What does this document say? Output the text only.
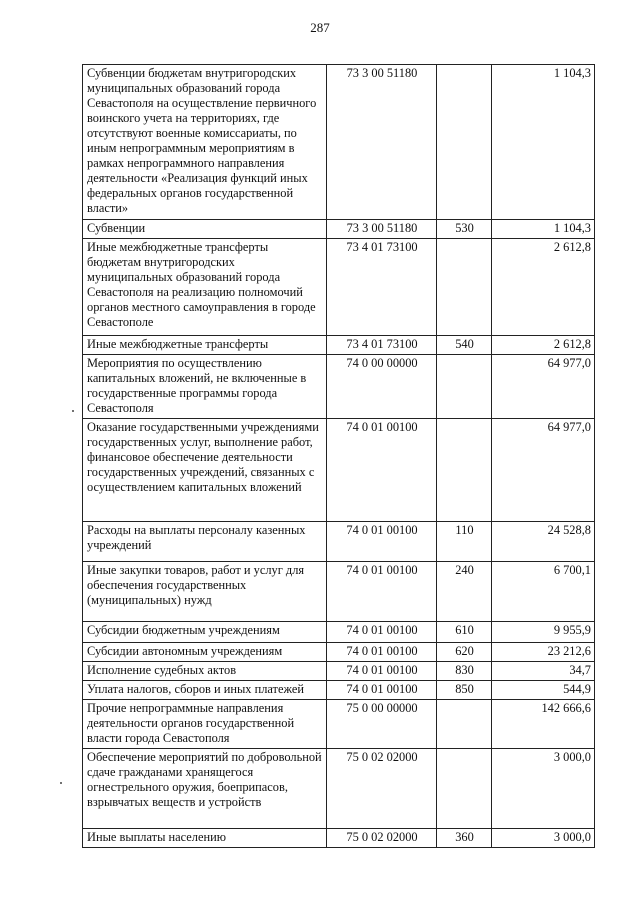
287
Субвенции бюджетам внутригородских муниципальных образований города Севастополя на осуществление первичного воинского учета на территориях, где отсутствуют военные комиссариаты, по иным непрограммным мероприятиям в рамках непрограммного направления деятельности «Реализация функций иных федеральных органов государственной власти»	73 3 00 51180		1 104,3
Субвенции	73 3 00 51180	530	1 104,3
Иные межбюджетные трансферты бюджетам внутригородских муниципальных образований города Севастополя на реализацию полномочий органов местного самоуправления в городе Севастополе	73 4 01 73100		2 612,8
Иные межбюджетные трансферты	73 4 01 73100	540	2 612,8
Мероприятия по осуществлению капитальных вложений, не включенные в государственные программы города Севастополя	74 0 00 00000		64 977,0
Оказание государственными учреждениями государственных услуг, выполнение работ, финансовое обеспечение деятельности государственных учреждений, связанных с осуществлением капитальных вложений	74 0 01 00100		64 977,0
Расходы на выплаты персоналу казенных учреждений	74 0 01 00100	110	24 528,8
Иные закупки товаров, работ и услуг для обеспечения государственных (муниципальных) нужд	74 0 01 00100	240	6 700,1
Субсидии бюджетным учреждениям	74 0 01 00100	610	9 955,9
Субсидии автономным учреждениям	74 0 01 00100	620	23 212,6
Исполнение судебных актов	74 0 01 00100	830	34,7
Уплата налогов, сборов и иных платежей	74 0 01 00100	850	544,9
Прочие непрограммные направления деятельности органов государственной власти города Севастополя	75 0 00 00000		142 666,6
Обеспечение мероприятий по добровольной сдаче гражданами хранящегося огнестрельного оружия, боеприпасов, взрывчатых веществ и устройств	75 0 02 02000		3 000,0
Иные выплаты населению	75 0 02 02000	360	3 000,0
